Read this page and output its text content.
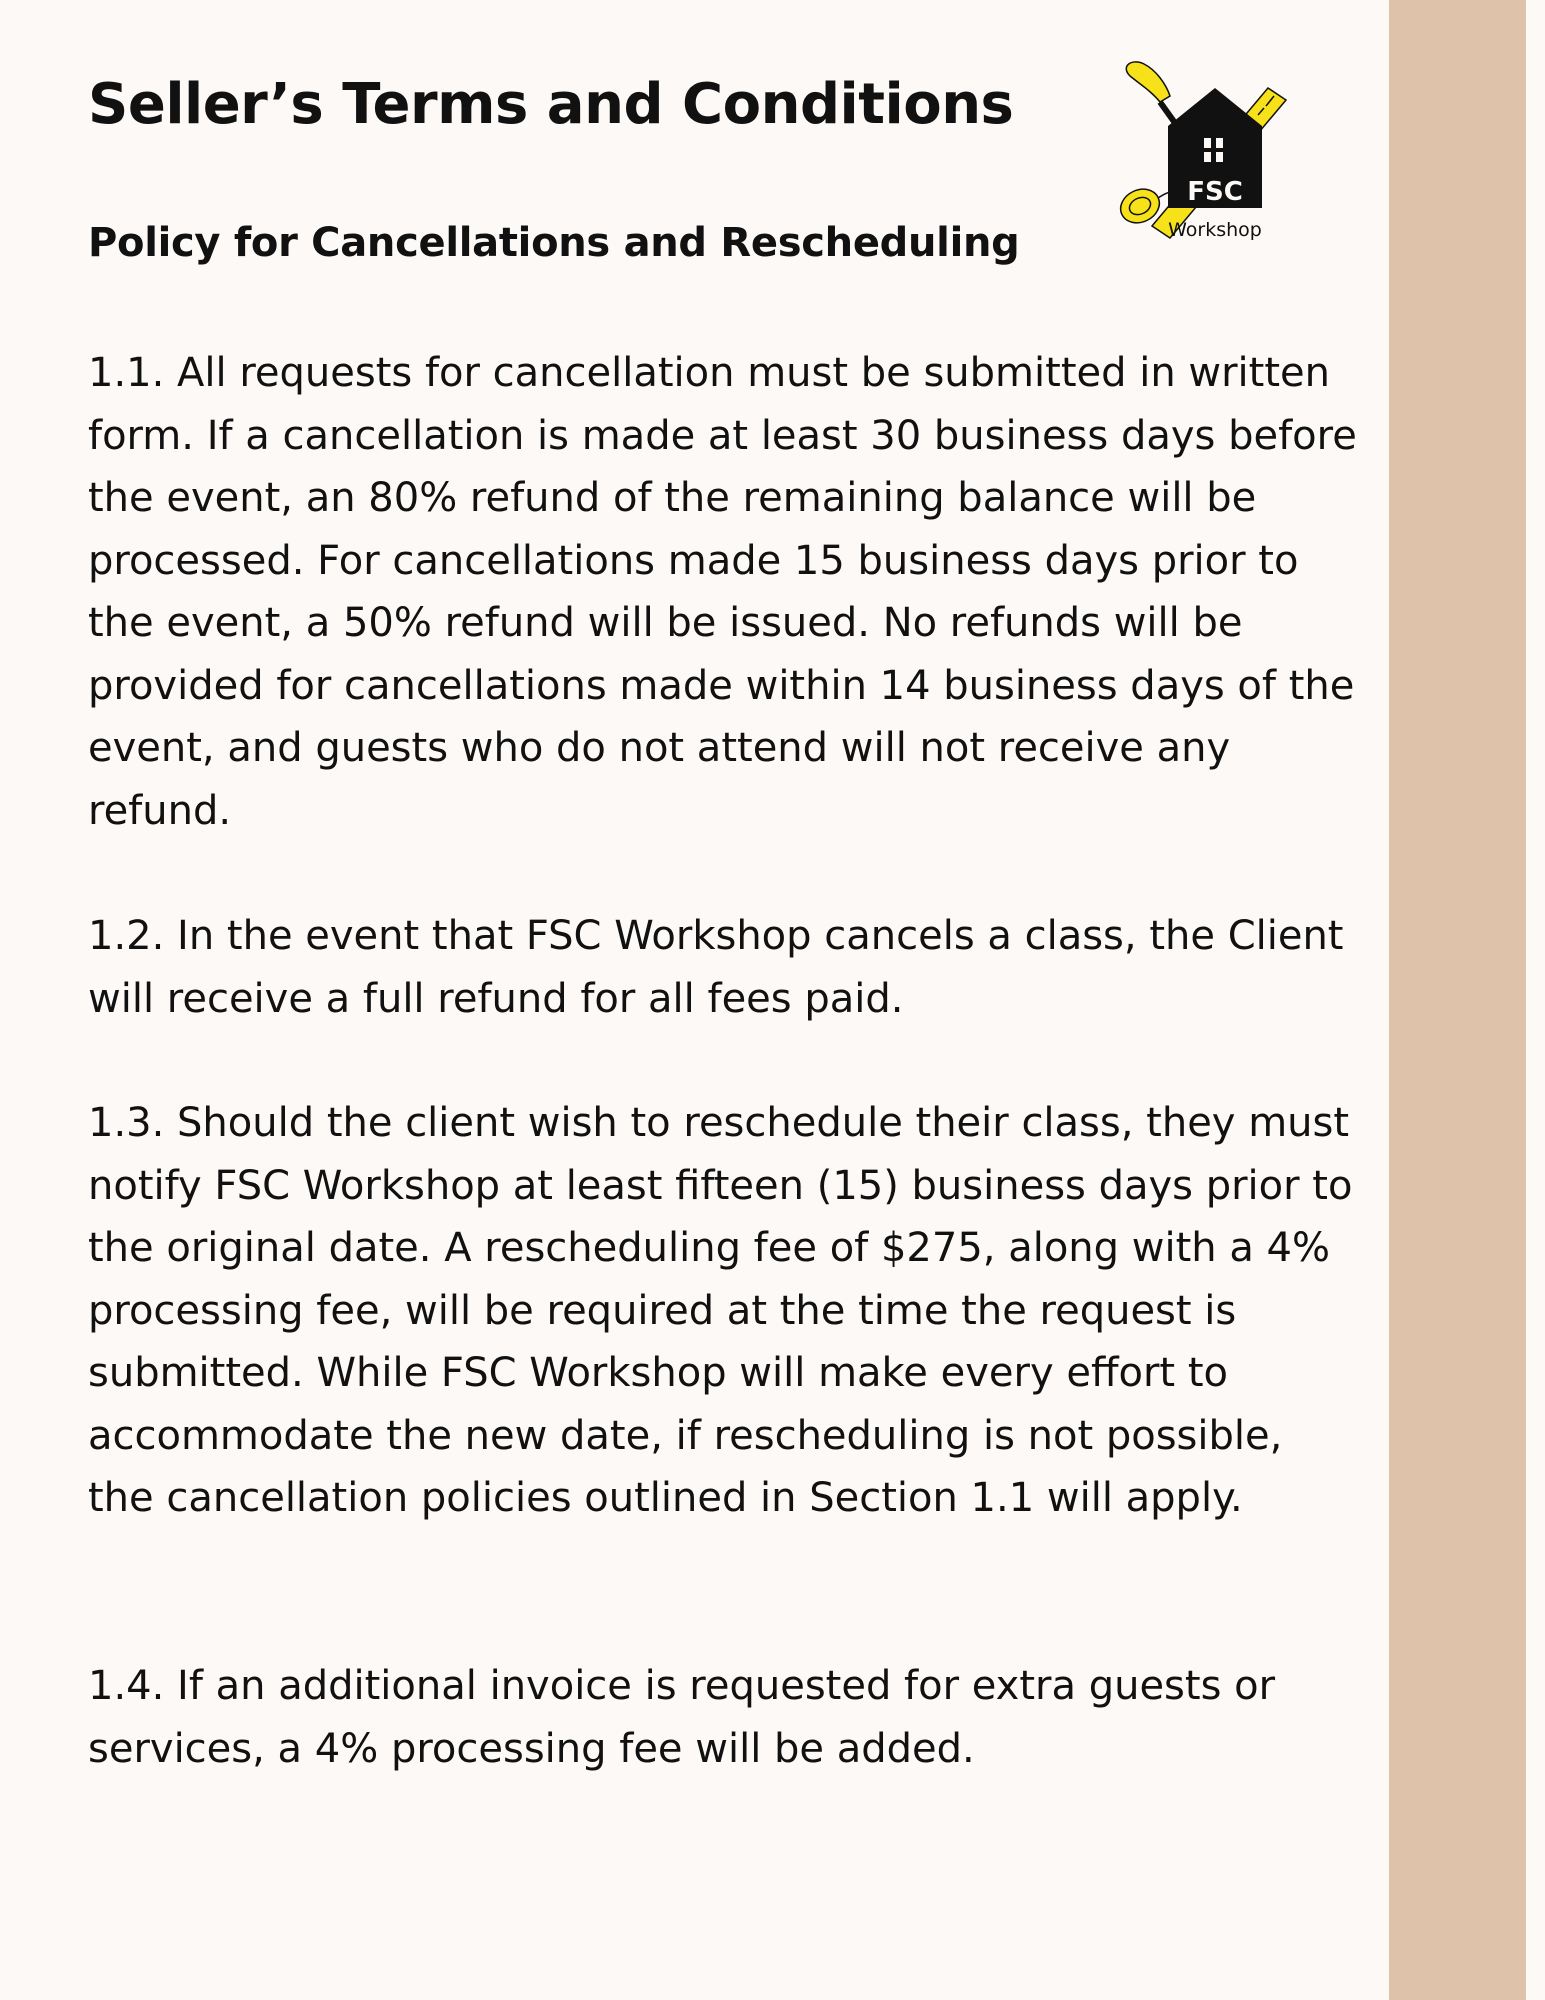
Seller’s Terms and Conditions
FSC
Workshop
Policy for Cancellations and Rescheduling

1.1. All requests for cancellation must be submitted in written form. If a cancellation is made at least 30 business days before the event, an 80% refund of the remaining balance will be processed. For cancellations made 15 business days prior to the event, a 50% refund will be issued. No refunds will be provided for cancellations made within 14 business days of the event, and guests who do not attend will not receive any refund.

1.2. In the event that FSC Workshop cancels a class, the Client will receive a full refund for all fees paid.

1.3. Should the client wish to reschedule their class, they must notify FSC Workshop at least fifteen (15) business days prior to the original date. A rescheduling fee of $275, along with a 4% processing fee, will be required at the time the request is submitted. While FSC Workshop will make every effort to accommodate the new date, if rescheduling is not possible, the cancellation policies outlined in Section 1.1 will apply.

1.4. If an additional invoice is requested for extra guests or services, a 4% processing fee will be added.
